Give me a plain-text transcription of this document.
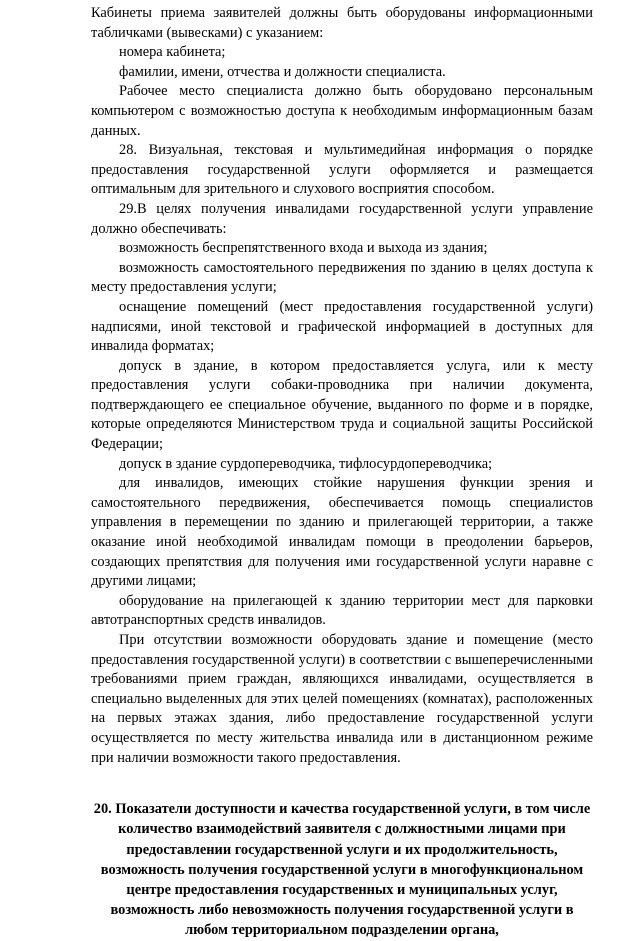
Кабинеты приема заявителей должны быть оборудованы информационными табличками (вывесками) с указанием:

номера кабинета;

фамилии, имени, отчества и должности специалиста.

Рабочее место специалиста должно быть оборудовано персональным компьютером с возможностью доступа к необходимым информационным базам данных.

28. Визуальная, текстовая и мультимедийная информация о порядке предоставления государственной услуги оформляется и размещается оптимальным для зрительного и слухового восприятия способом.

29.В целях получения инвалидами государственной услуги управление должно обеспечивать:

возможность беспрепятственного входа и выхода из здания;

возможность самостоятельного передвижения по зданию в целях доступа к месту предоставления услуги;

оснащение помещений (мест предоставления государственной услуги) надписями, иной текстовой и графической информацией в доступных для инвалида форматах;

допуск в здание, в котором предоставляется услуга, или к месту предоставления услуги собаки-проводника при наличии документа, подтверждающего ее специальное обучение, выданного по форме и в порядке, которые определяются Министерством труда и социальной защиты Российской Федерации;

допуск в здание сурдопереводчика, тифлосурдопереводчика;

для инвалидов, имеющих стойкие нарушения функции зрения и самостоятельного передвижения, обеспечивается помощь специалистов управления в перемещении по зданию и прилегающей территории, а также оказание иной необходимой инвалидам помощи в преодолении барьеров, создающих препятствия для получения ими государственной услуги наравне с другими лицами;

оборудование на прилегающей к зданию территории мест для парковки автотранспортных средств инвалидов.

При отсутствии возможности оборудовать здание и помещение (место предоставления государственной услуги) в соответствии с вышеперечисленными требованиями прием граждан, являющихся инвалидами, осуществляется в специально выделенных для этих целей помещениях (комнатах), расположенных на первых этажах здания, либо предоставление государственной услуги осуществляется по месту жительства инвалида или в дистанционном режиме при наличии возможности такого предоставления.

20. Показатели доступности и качества государственной услуги, в том числе количество взаимодействий заявителя с должностными лицами при предоставлении государственной услуги и их продолжительность, возможность получения государственной услуги в многофункциональном центре предоставления государственных и муниципальных услуг, возможность либо невозможность получения государственной услуги в любом территориальном подразделении органа,
